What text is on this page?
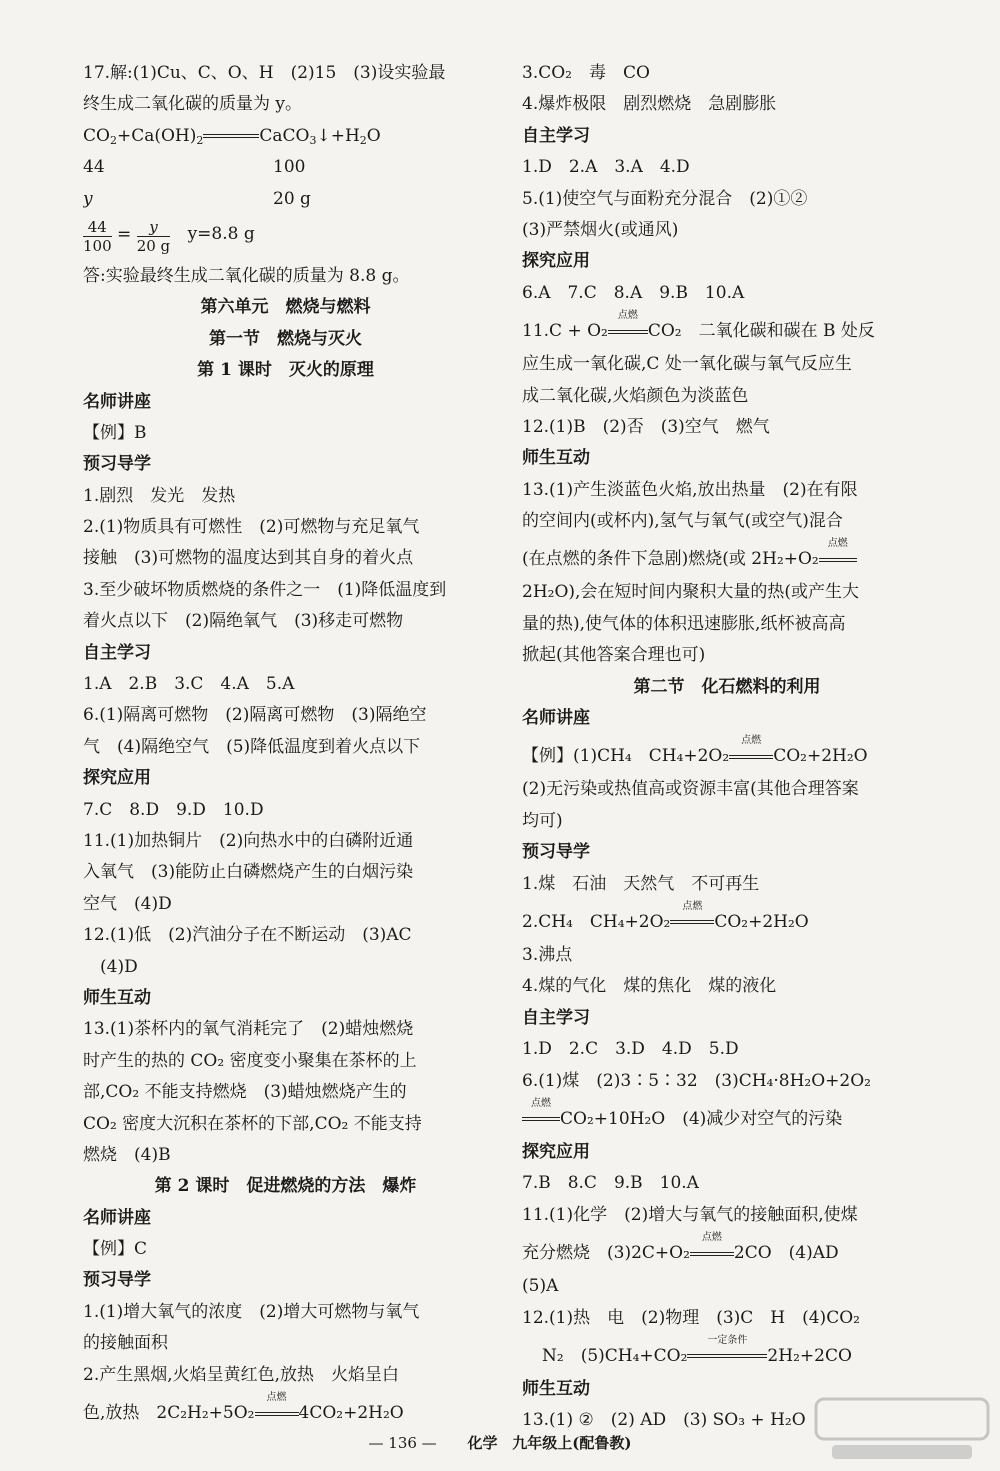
17.解:(1)Cu、C、O、H　(2)15　(3)设实验最
终生成二氧化碳的质量为 y。
$CO_2+Ca(OH)_2$	$CaCO_3↓+H_2O$
44	100
y	20 g
$\frac{44}{100} = \frac{y}{20 g} y=8.8$ g
答:实验最终生成二氧化碳的质量为 8.8 g。
第六单元　燃烧与燃料
第一节　燃烧与灭火
第 1 课时　灭火的原理
名师讲座
【例】B
预习导学
1.剧烈　发光　发热
2.(1)物质具有可燃性　(2)可燃物与充足氧气
接触　(3)可燃物的温度达到其自身的着火点
3.至少破坏物质燃烧的条件之一　(1)降低温度到
着火点以下　(2)隔绝氧气　(3)移走可燃物
自主学习
1.A　2.B　3.C　4.A　5.A
6.(1)隔离可燃物　(2)隔离可燃物　(3)隔绝空
气　(4)隔绝空气　(5)降低温度到着火点以下
探究应用
7.C　8.D　9.D　10.D
11.(1)加热铜片　(2)向热水中的白磷附近通
入氧气　(3)能防止白磷燃烧产生的白烟污染
空气　(4)D
12.(1)低　(2)汽油分子在不断运动　(3)AC
　(4)D
师生互动
13.(1)茶杯内的氧气消耗完了　(2)蜡烛燃烧
时产生的热的 CO₂ 密度变小聚集在茶杯的上
部,CO₂ 不能支持燃烧　(3)蜡烛燃烧产生的
CO₂ 密度大沉积在茶杯的下部,CO₂ 不能支持
燃烧　(4)B
第 2 课时　促进燃烧的方法　爆炸
名师讲座
【例】C
预习导学
1.(1)增大氧气的浓度　(2)增大可燃物与氧气
的接触面积
2.产生黑烟,火焰呈黄红色,放热　火焰呈白
色,放热　2C₂H₂+5O₂
点燃
4CO₂+2H₂O
3.CO₂　毒　CO
4.爆炸极限　剧烈燃烧　急剧膨胀
自主学习
1.D　2.A　3.A　4.D
5.(1)使空气与面粉充分混合　(2)①②
(3)严禁烟火(或通风)
探究应用
6.A　7.C　8.A　9.B　10.A
11.C + O₂
点燃
CO₂　二氧化碳和碳在 B 处反
应生成一氧化碳,C 处一氧化碳与氧气反应生
成二氧化碳,火焰颜色为淡蓝色
12.(1)B　(2)否　(3)空气　燃气
师生互动
13.(1)产生淡蓝色火焰,放出热量　(2)在有限
的空间内(或杯内),氢气与氧气(或空气)混合
(在点燃的条件下急剧)燃烧(或 2H₂+O₂
点燃
2H₂O),会在短时间内聚积大量的热(或产生大
量的热),使气体的体积迅速膨胀,纸杯被高高
掀起(其他答案合理也可)
第二节　化石燃料的利用
名师讲座
【例】(1)CH₄　CH₄+2O₂
点燃
CO₂+2H₂O
(2)无污染或热值高或资源丰富(其他合理答案
均可)
预习导学
1.煤　石油　天然气　不可再生
2.CH₄　CH₄+2O₂
点燃
CO₂+2H₂O
3.沸点
4.煤的气化　煤的焦化　煤的液化
自主学习
1.D　2.C　3.D　4.D　5.D
6.(1)煤　(2)3∶5∶32　(3)CH₄·8H₂O+2O₂
点燃
CO₂+10H₂O　(4)减少对空气的污染
探究应用
7.B　8.C　9.B　10.A
11.(1)化学　(2)增大与氧气的接触面积,使煤
充分燃烧　(3)2C+O₂
点燃
2CO　(4)AD
(5)A
12.(1)热　电　(2)物理　(3)C　H　(4)CO₂
N₂　(5)CH₄+CO₂
一定条件
2H₂+2CO
师生互动
13.(1) ②　(2) AD　(3) SO₃ + H₂O
— 136 — 化学 九年级上(配鲁教)
